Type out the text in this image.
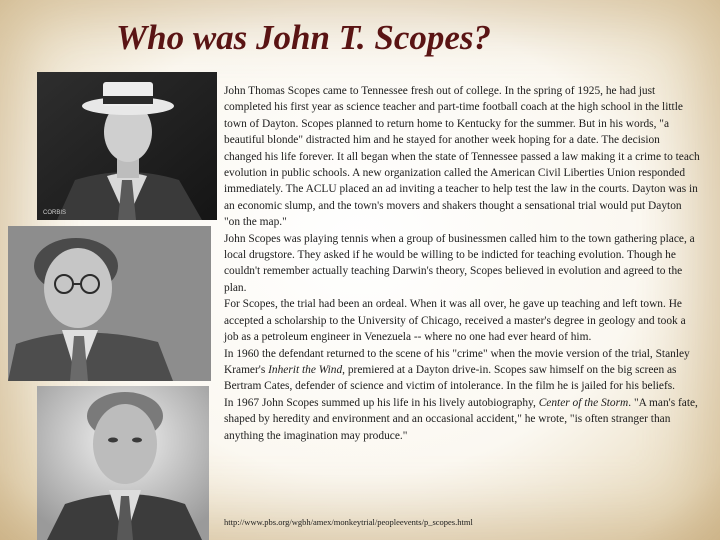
Who was John T. Scopes?
CORBIS

John Thomas Scopes came to Tennessee fresh out of college. In the spring of 1925, he had just completed his first year as science teacher and part-time football coach at the high school in the little town of Dayton. Scopes planned to return home to Kentucky for the summer. But in his words, "a beautiful blonde" distracted him and he stayed for another week hoping for a date. The decision changed his life forever. It all began when the state of Tennessee passed a law making it a crime to teach evolution in public schools. A new organization called the American Civil Liberties Union responded immediately. The ACLU placed an ad inviting a teacher to help test the law in the courts. Dayton was in an economic slump, and the town's movers and shakers thought a sensational trial would put Dayton "on the map."

John Scopes was playing tennis when a group of businessmen called him to the town gathering place, a local drugstore. They asked if he would be willing to be indicted for teaching evolution. Though he couldn't remember actually teaching Darwin's theory, Scopes believed in evolution and agreed to the plan.

For Scopes, the trial had been an ordeal. When it was all over, he gave up teaching and left town. He accepted a scholarship to the University of Chicago, received a master's degree in geology and took a job as a petroleum engineer in Venezuela -- where no one had ever heard of him.

In 1960 the defendant returned to the scene of his "crime" when the movie version of the trial, Stanley Kramer's Inherit the Wind, premiered at a Dayton drive-in. Scopes saw himself on the big screen as Bertram Cates, defender of science and victim of intolerance. In the film he is jailed for his beliefs.

In 1967 John Scopes summed up his life in his lively autobiography, Center of the Storm. "A man's fate, shaped by heredity and environment and an occasional accident," he wrote, "is often stranger than anything the imagination may produce."

http://www.pbs.org/wgbh/amex/monkeytrial/peopleevents/p_scopes.html
